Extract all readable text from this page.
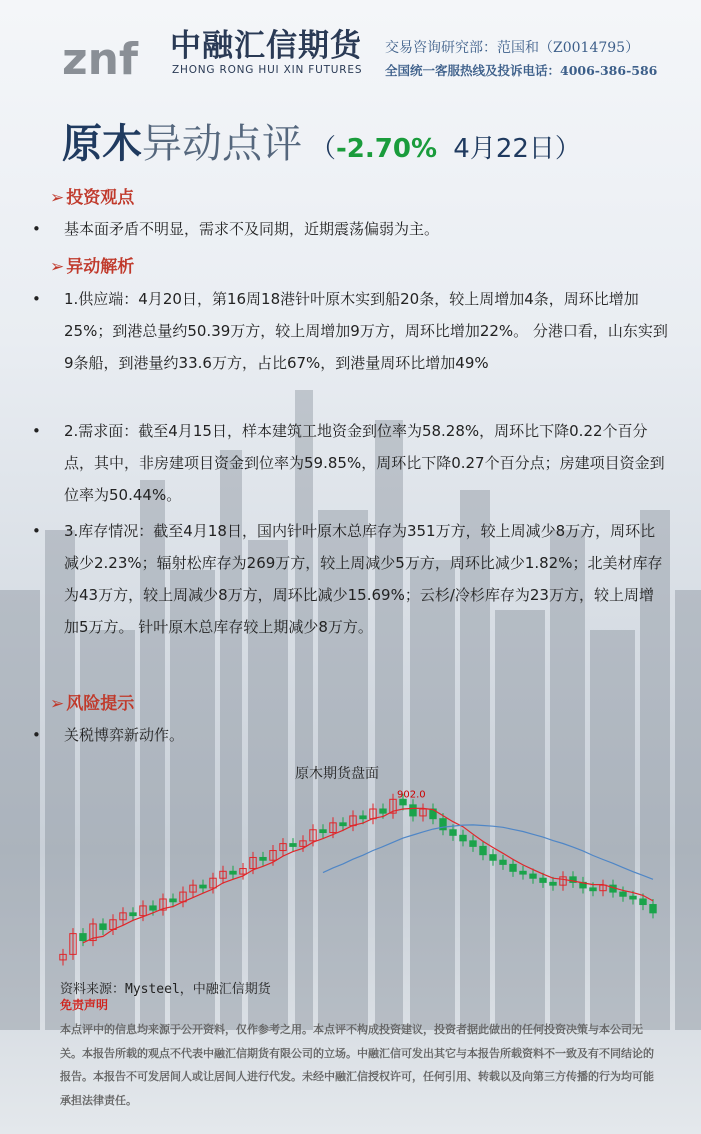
znf 中融汇信期货
ZHONG RONG HUI XIN FUTURES
交易咨询研究部：范国和（Z0014795）
全国统一客服热线及投诉电话：4006-386-586
原木异动点评 （-2.70% 4月22日）
➢ 投资观点
• 基本面矛盾不明显，需求不及同期，近期震荡偏弱为主。
➢ 异动解析
• 1.供应端：4月20日，第16周18港针叶原木实到船20条，较上周增加4条，周环比增加25%；到港总量约50.39万方，较上周增加9万方，周环比增加22%。 分港口看，山东实到9条船，到港量约33.6万方，占比67%，到港量周环比增加49%
• 2.需求面：截至4月15日，样本建筑工地资金到位率为58.28%，周环比下降0.22个百分点，其中，非房建项目资金到位率为59.85%，周环比下降0.27个百分点；房建项目资金到位率为50.44%。
• 3.库存情况：截至4月18日，国内针叶原木总库存为351万方，较上周减少8万方，周环比减少2.23%；辐射松库存为269万方，较上周减少5万方，周环比减少1.82%；北美材库存为43万方，较上周减少8万方，周环比减少15.69%；云杉/冷杉库存为23万方，较上周增加5万方。 针叶原木总库存较上期减少8万方。
➢ 风险提示
• 关税博弈新动作。
原木期货盘面
902.0
资料来源：Mysteel，中融汇信期货
免责声明
本点评中的信息均来源于公开资料，仅作参考之用。本点评不构成投资建议，投资者据此做出的任何投资决策与本公司无关。本报告所载的观点不代表中融汇信期货有限公司的立场。中融汇信可发出其它与本报告所载资料不一致及有不同结论的报告。本报告不可发居间人或让居间人进行代发。未经中融汇信授权许可，任何引用、转载以及向第三方传播的行为均可能承担法律责任。
